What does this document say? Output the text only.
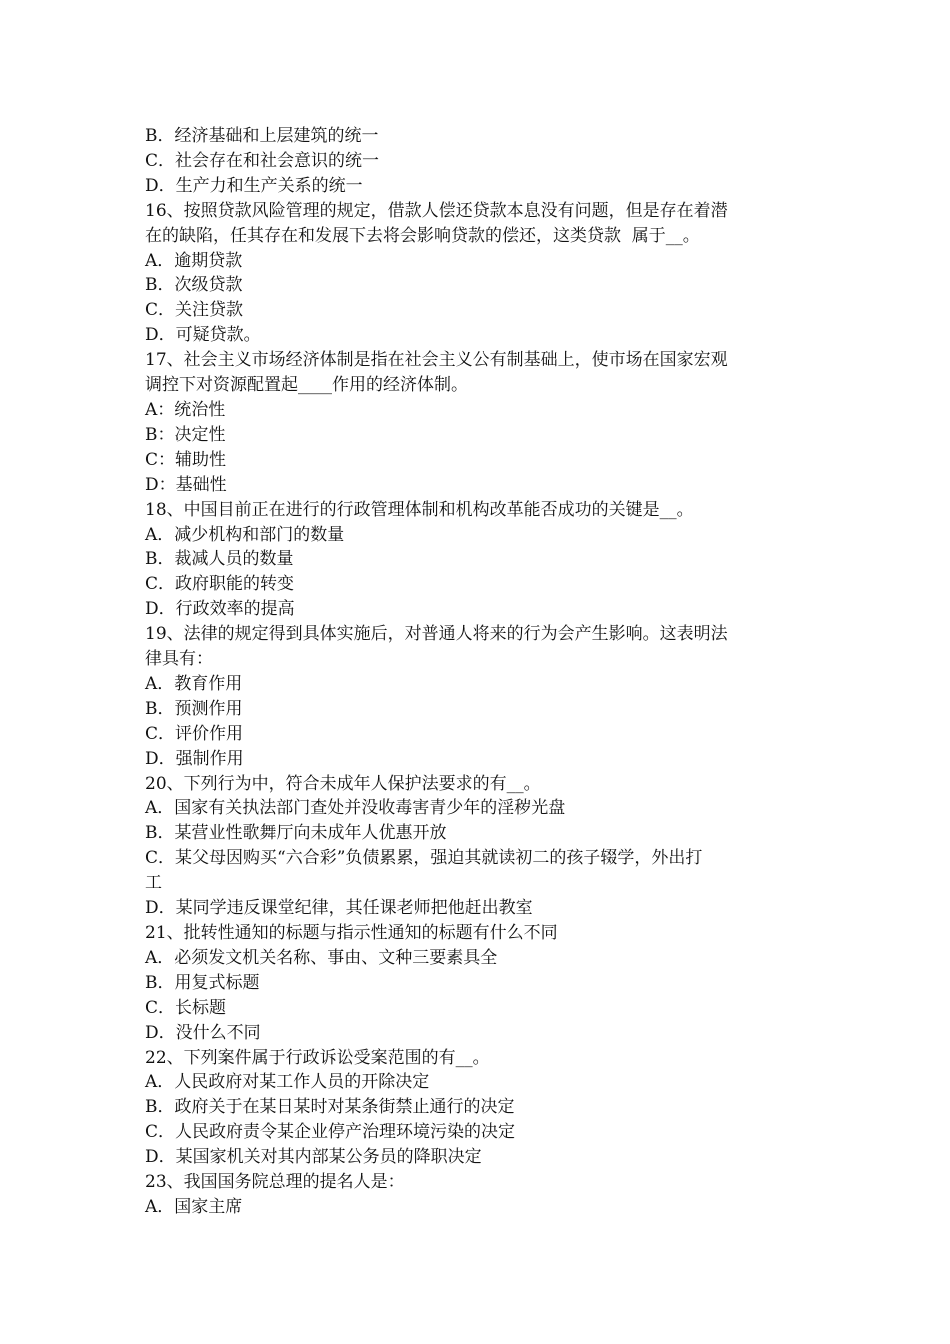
B．经济基础和上层建筑的统一
C．社会存在和社会意识的统一
D．生产力和生产关系的统一
16、按照贷款风险管理的规定，借款人偿还贷款本息没有问题，但是存在着潜
在的缺陷，任其存在和发展下去将会影响贷款的偿还，这类贷款  属于__。
A．逾期贷款
B．次级贷款
C．关注贷款
D．可疑贷款。
17、社会主义市场经济体制是指在社会主义公有制基础上，使市场在国家宏观
调控下对资源配置起____作用的经济体制。
A：统治性
B：决定性
C：辅助性
D：基础性
18、中国目前正在进行的行政管理体制和机构改革能否成功的关键是__。
A．减少机构和部门的数量
B．裁减人员的数量
C．政府职能的转变
D．行政效率的提高
19、法律的规定得到具体实施后，对普通人将来的行为会产生影响。这表明法
律具有：
A．教育作用
B．预测作用
C．评价作用
D．强制作用
20、下列行为中，符合未成年人保护法要求的有__。
A．国家有关执法部门查处并没收毒害青少年的淫秽光盘
B．某营业性歌舞厅向未成年人优惠开放
C．某父母因购买“六合彩”负债累累，强迫其就读初二的孩子辍学，外出打
工
D．某同学违反课堂纪律，其任课老师把他赶出教室
21、批转性通知的标题与指示性通知的标题有什么不同
A．必须发文机关名称、事由、文种三要素具全
B．用复式标题
C．长标题
D．没什么不同
22、下列案件属于行政诉讼受案范围的有__。
A．人民政府对某工作人员的开除决定
B．政府关于在某日某时对某条街禁止通行的决定
C．人民政府责令某企业停产治理环境污染的决定
D．某国家机关对其内部某公务员的降职决定
23、我国国务院总理的提名人是：
A．国家主席
